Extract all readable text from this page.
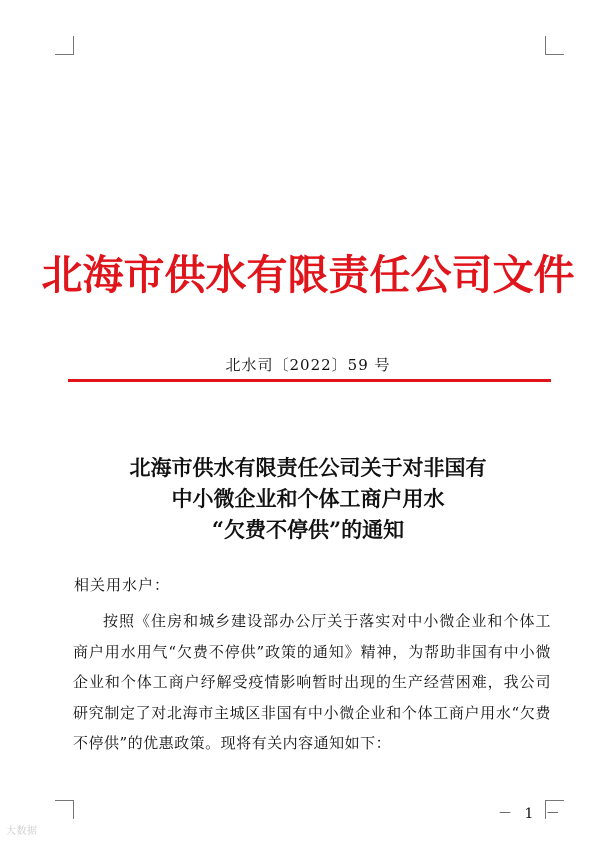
北海市供水有限责任公司文件
北水司〔2022〕59 号
北海市供水有限责任公司关于对非国有
中小微企业和个体工商户用水
“欠费不停供”的通知
相关用水户：
按照《住房和城乡建设部办公厅关于落实对中小微企业和个体工商户用水用气“欠费不停供”政策的通知》精神，为帮助非国有中小微企业和个体工商户纾解受疫情影响暂时出现的生产经营困难，我公司研究制定了对北海市主城区非国有中小微企业和个体工商户用水“欠费不停供”的优惠政策。现将有关内容通知如下：
－ 1 －
大数据
